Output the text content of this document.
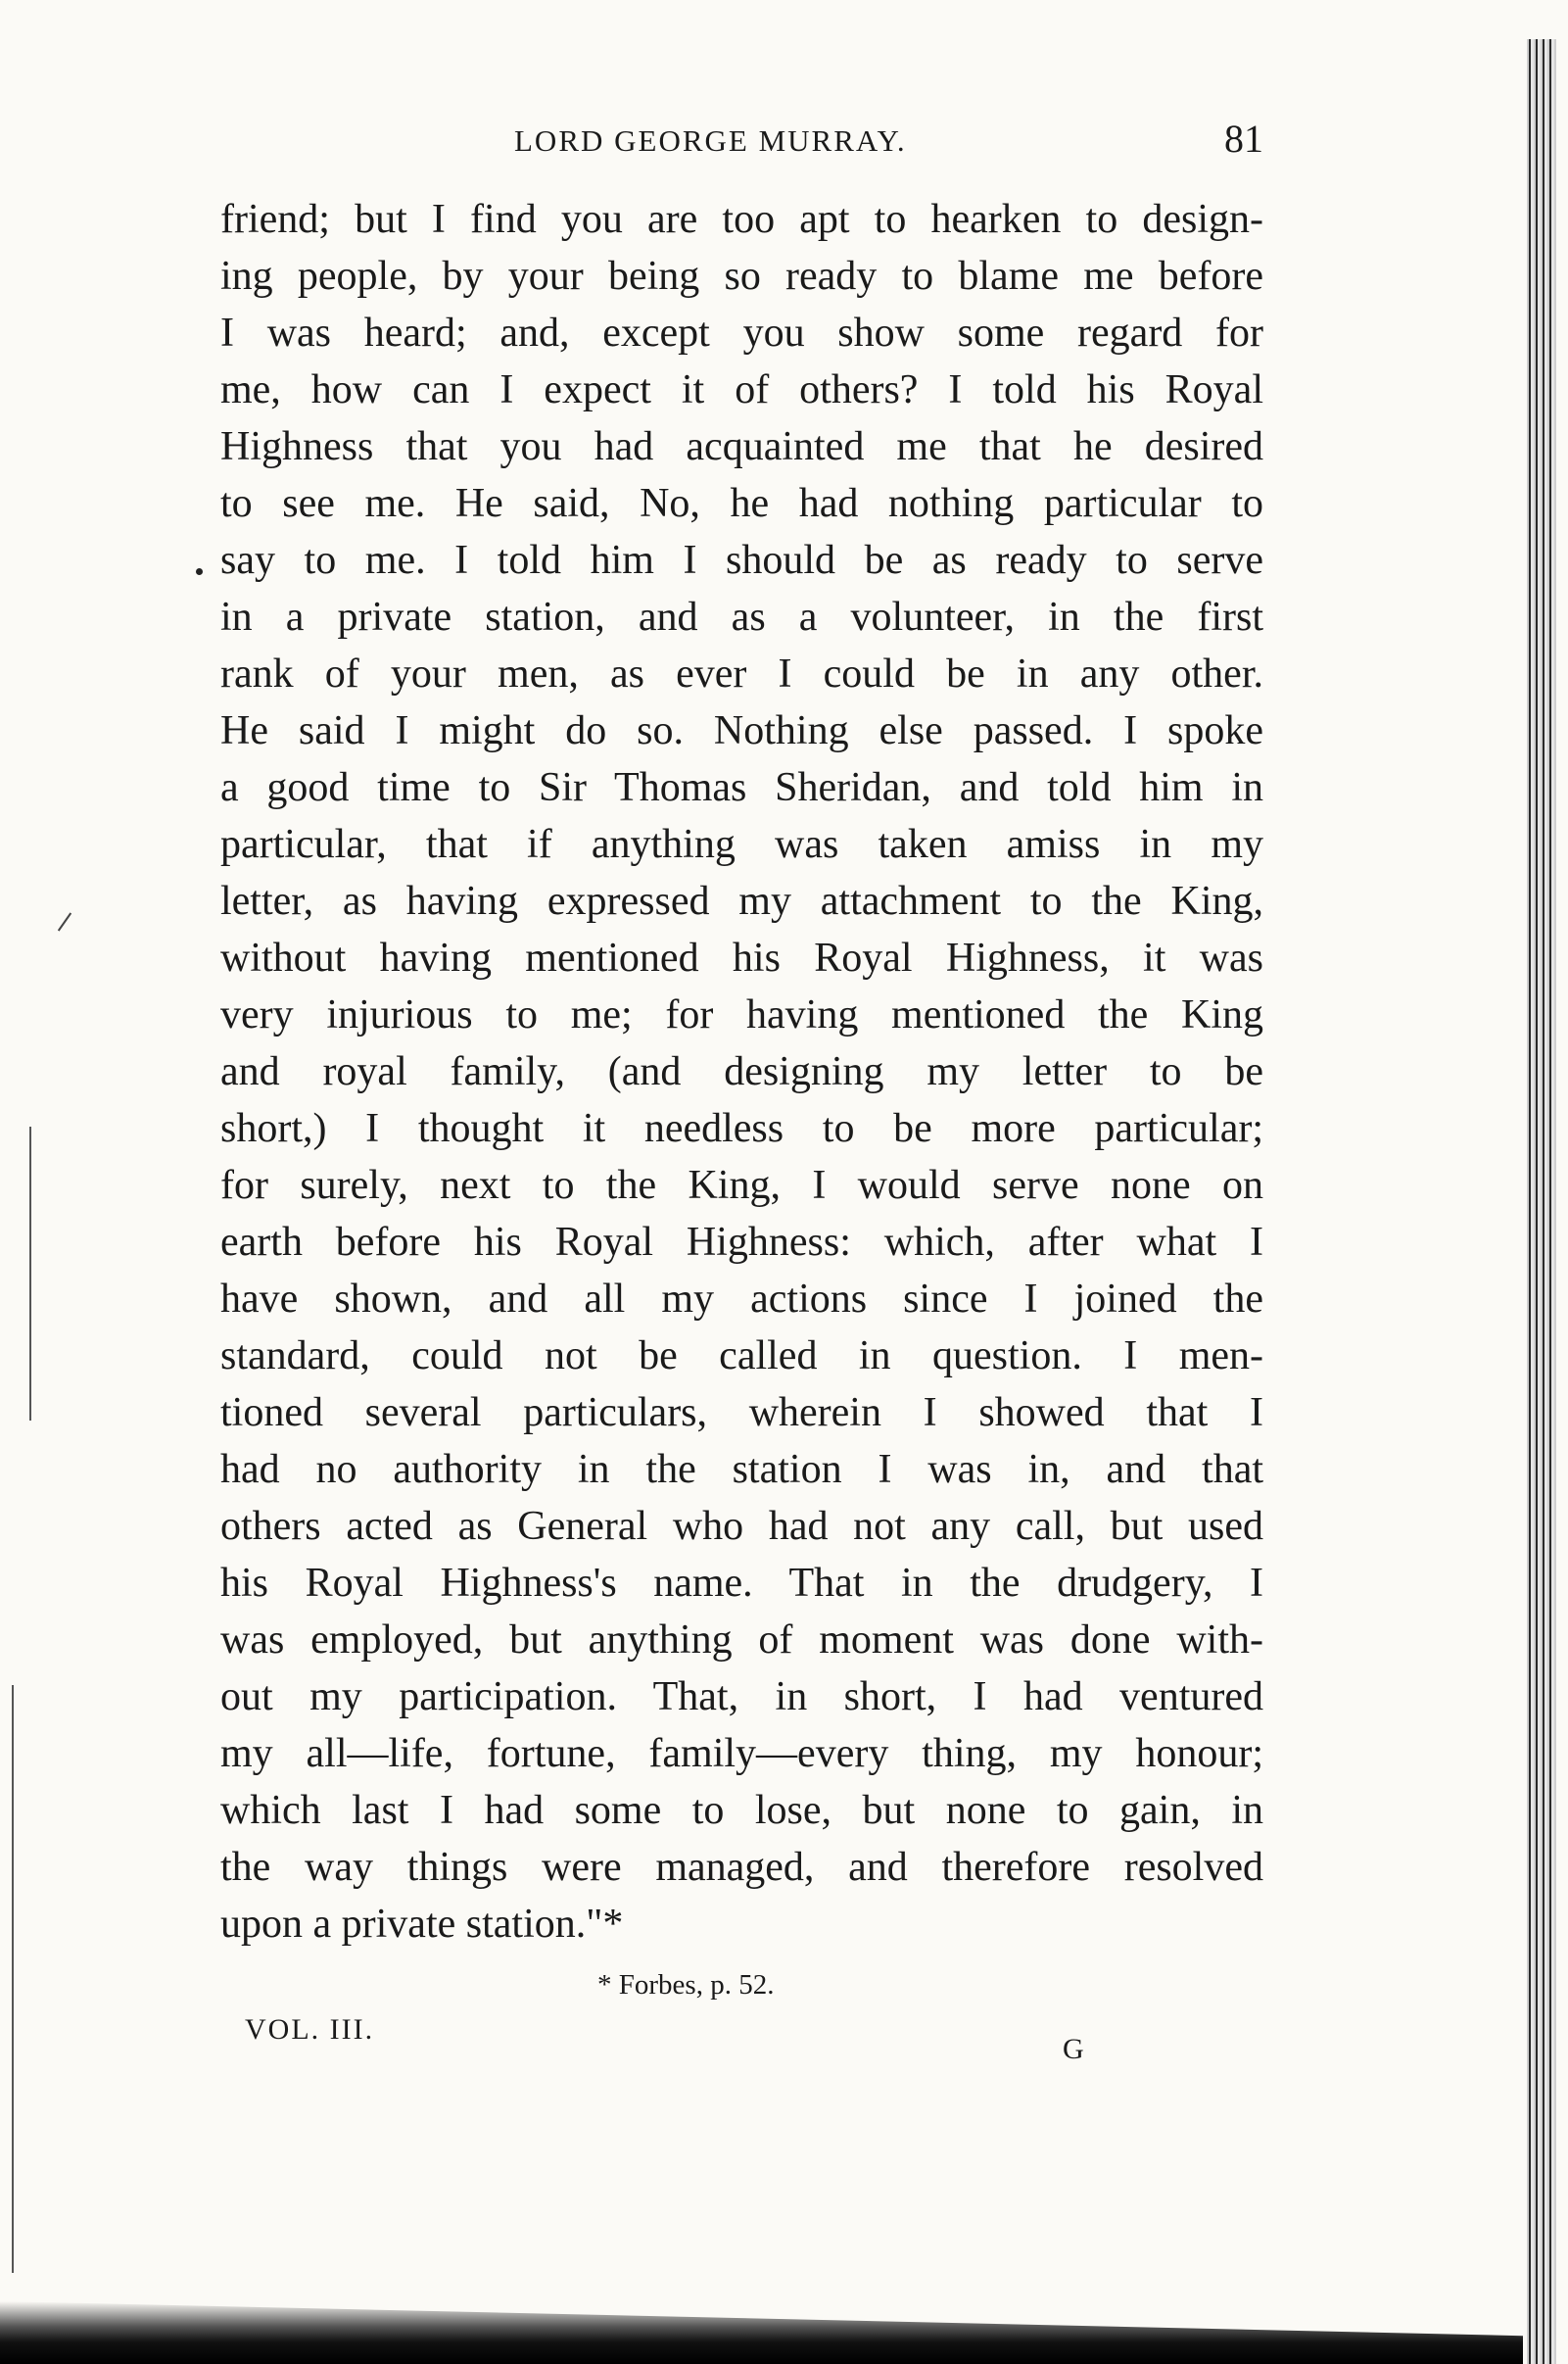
LORD GEORGE MURRAY.	81
friend; but I find you are too apt to hearken to design-
ing people, by your being so ready to blame me before
I was heard; and, except you show some regard for
me, how can I expect it of others? I told his Royal
Highness that you had acquainted me that he desired
to see me. He said, No, he had nothing particular to
say to me. I told him I should be as ready to serve
in a private station, and as a volunteer, in the first
rank of your men, as ever I could be in any other.
He said I might do so. Nothing else passed. I spoke
a good time to Sir Thomas Sheridan, and told him in
particular, that if anything was taken amiss in my
letter, as having expressed my attachment to the King,
without having mentioned his Royal Highness, it was
very injurious to me; for having mentioned the King
and royal family, (and designing my letter to be
short,) I thought it needless to be more particular;
for surely, next to the King, I would serve none on
earth before his Royal Highness: which, after what I
have shown, and all my actions since I joined the
standard, could not be called in question. I men-
tioned several particulars, wherein I showed that I
had no authority in the station I was in, and that
others acted as General who had not any call, but used
his Royal Highness's name. That in the drudgery, I
was employed, but anything of moment was done with-
out my participation. That, in short, I had ventured
my all—life, fortune, family—every thing, my honour;
which last I had some to lose, but none to gain, in
the way things were managed, and therefore resolved
upon a private station."*
* Forbes, p. 52.
VOL. III.
G
